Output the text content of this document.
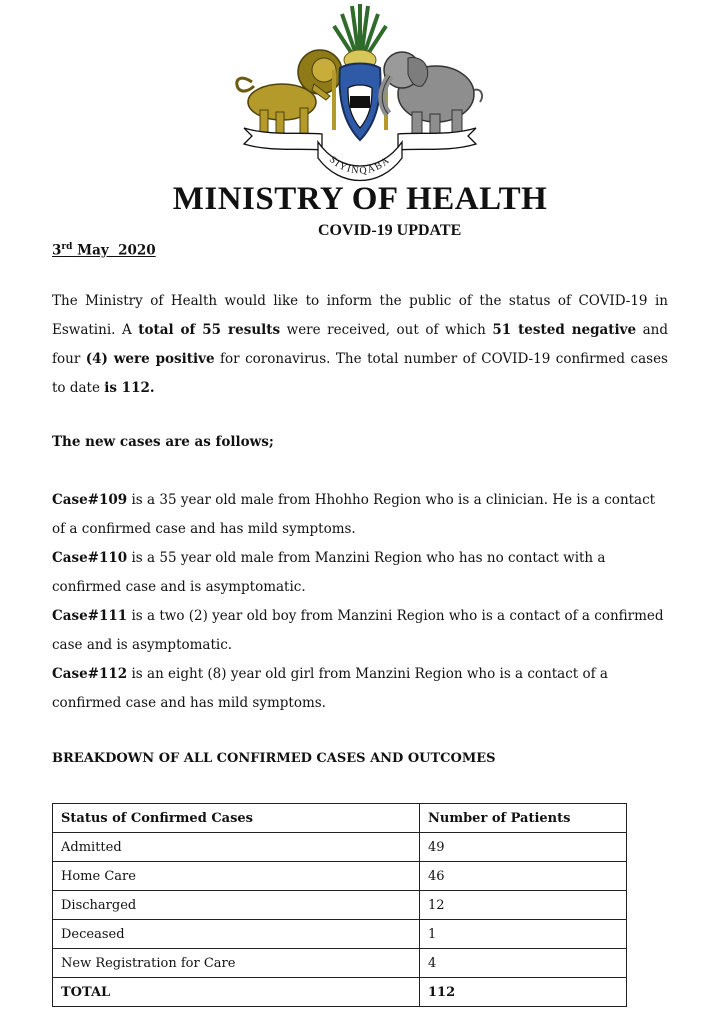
SIYINQABA
MINISTRY OF HEALTH
COVID-19 UPDATE
3rd May  2020
The Ministry of Health would like to inform the public of the status of COVID-19 in Eswatini. A total of 55 results were received, out of which 51 tested negative and four (4) were positive for coronavirus. The total number of COVID-19 confirmed cases to date is 112.
The new cases are as follows;

Case#109 is a 35 year old male from Hhohho Region who is a clinician. He is a contact of a confirmed case and has mild symptoms.

Case#110 is a 55 year old male from Manzini Region who has no contact with a confirmed case and is asymptomatic.

Case#111 is a two (2) year old boy from Manzini Region who is a contact of a confirmed case and is asymptomatic.

Case#112 is an eight (8) year old girl from Manzini Region who is a contact of a confirmed case and has mild symptoms.

BREAKDOWN OF ALL CONFIRMED CASES AND OUTCOMES
Status of Confirmed Cases	Number of Patients
Admitted	49
Home Care	46
Discharged	12
Deceased	1
New Registration for Care	4
TOTAL	112
